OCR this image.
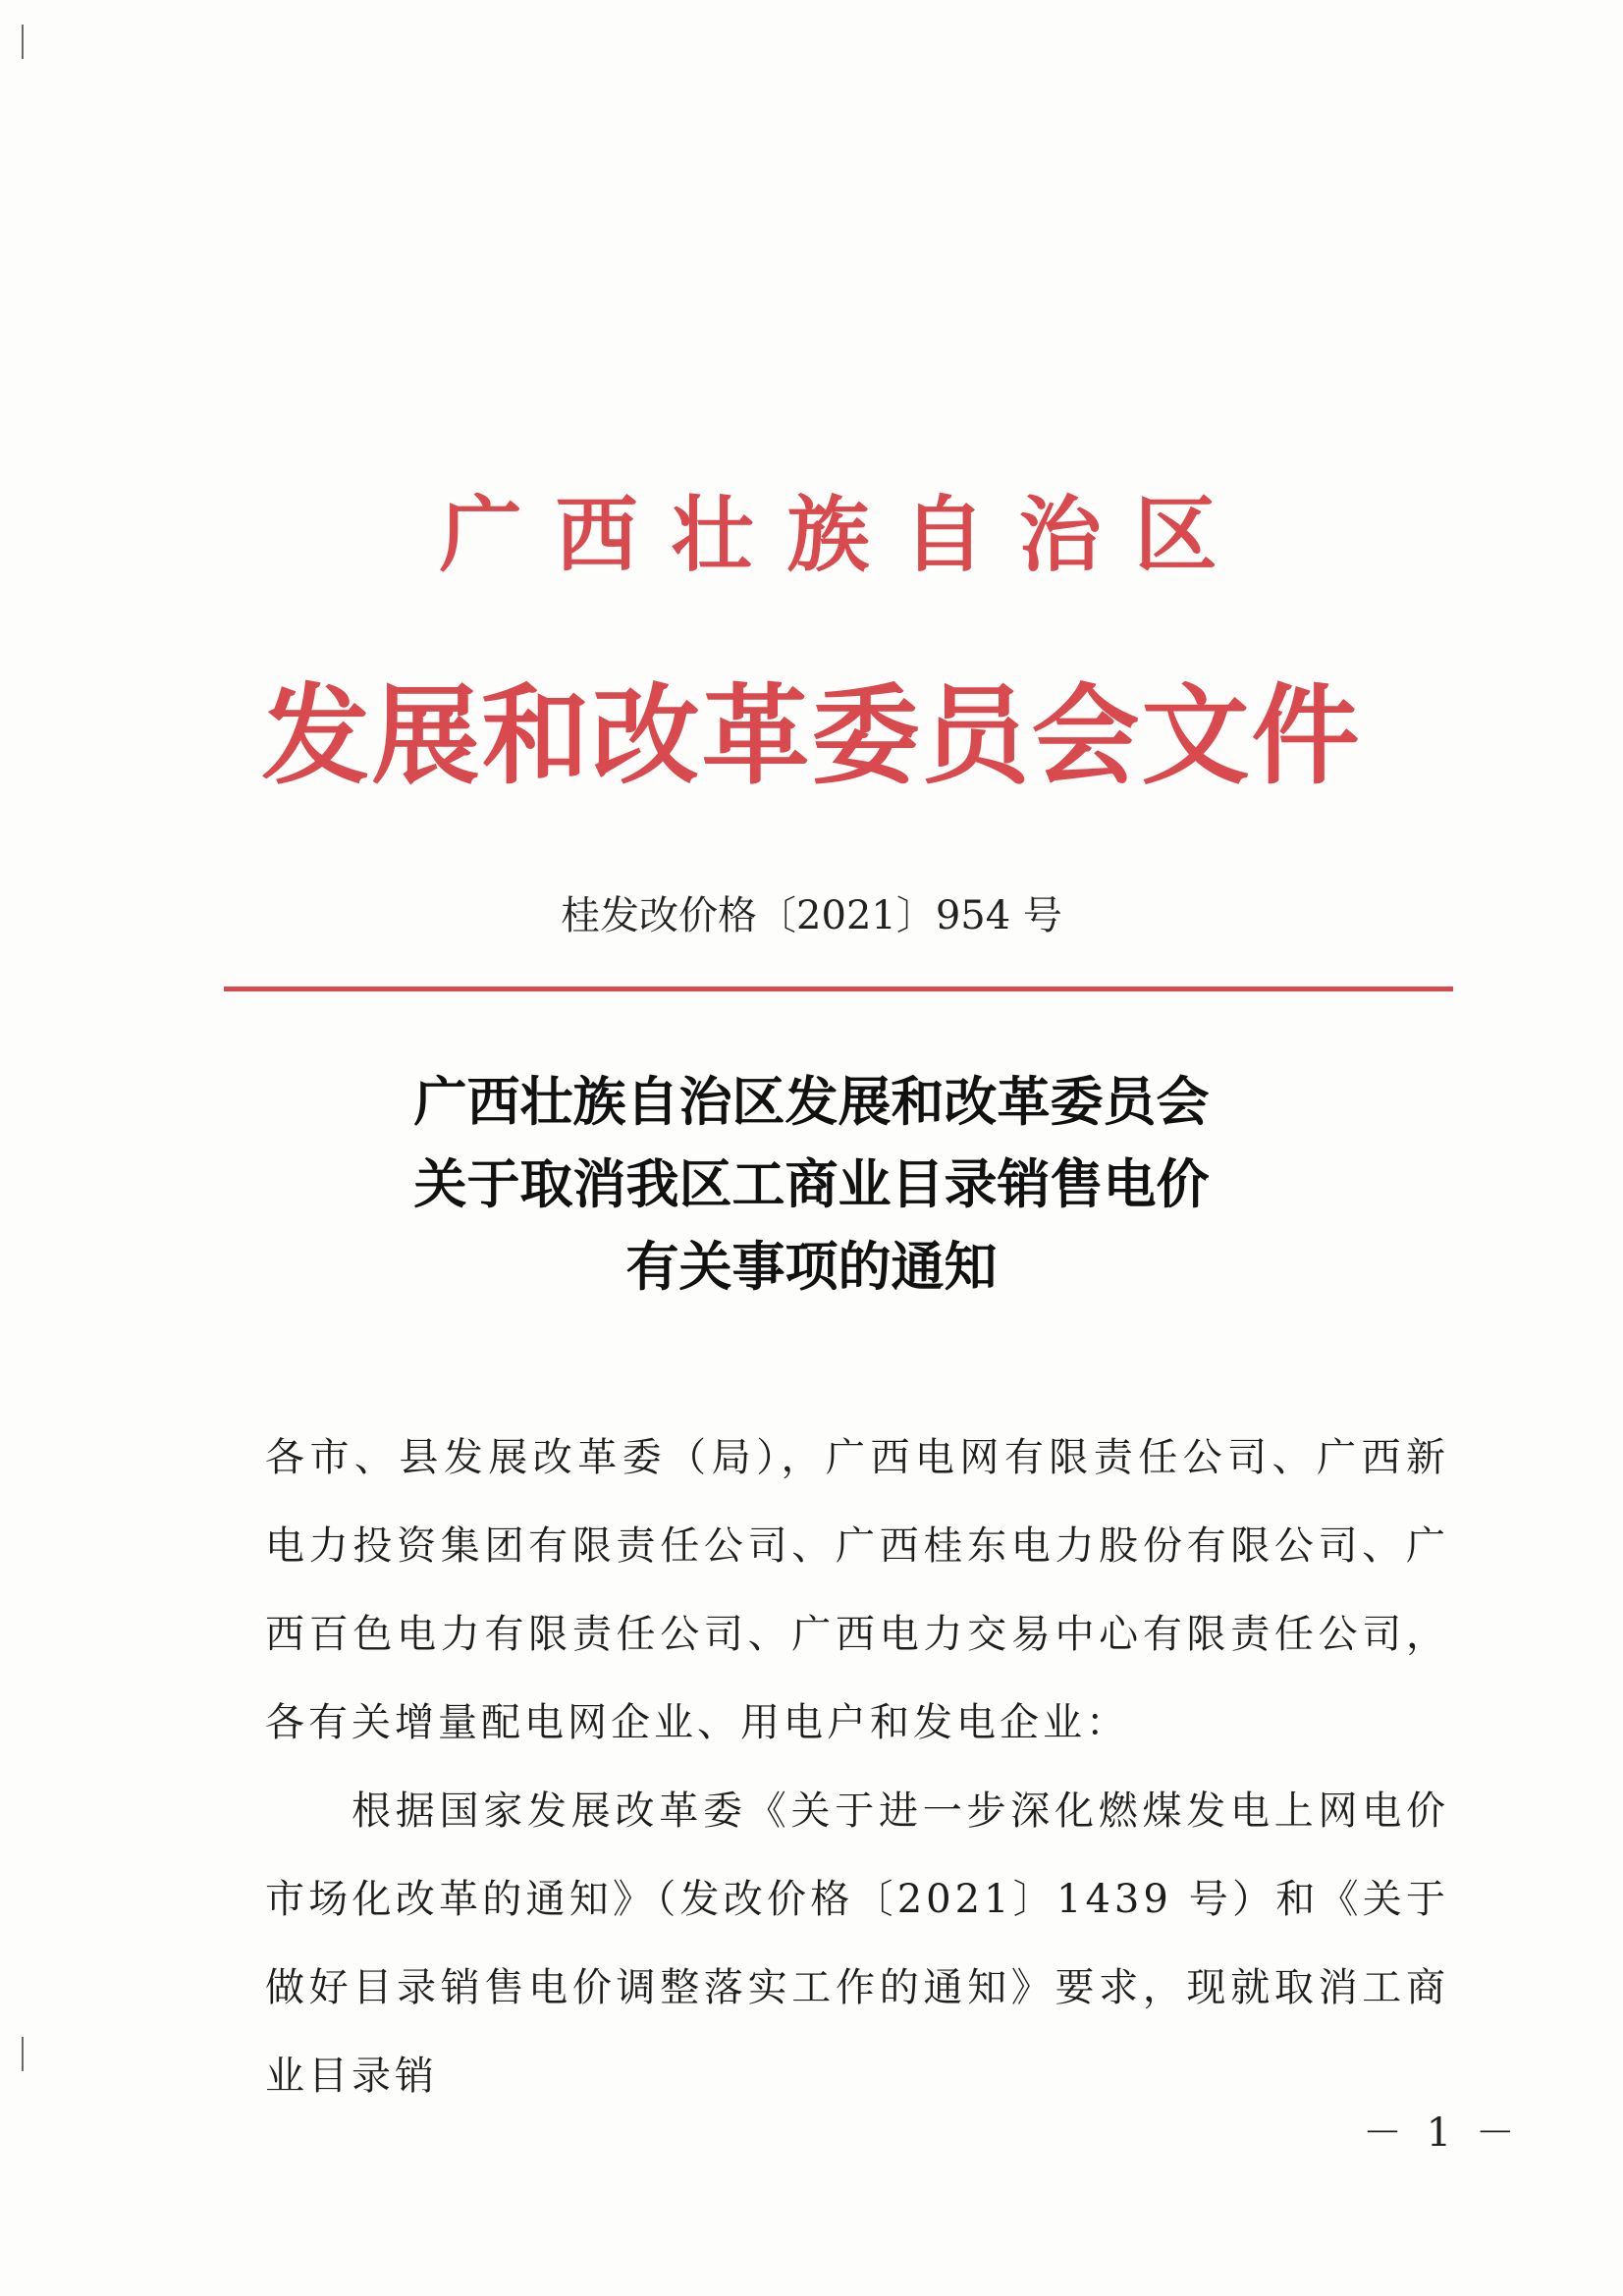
广西壮族自治区
发展和改革委员会文件
桂发改价格〔2021〕954 号
广西壮族自治区发展和改革委员会
关于取消我区工商业目录销售电价
有关事项的通知
各市、县发展改革委（局），广西电网有限责任公司、广西新电力投资集团有限责任公司、广西桂东电力股份有限公司、广西百色电力有限责任公司、广西电力交易中心有限责任公司，各有关增量配电网企业、用电户和发电企业：
根据国家发展改革委《关于进一步深化燃煤发电上网电价市场化改革的通知》（发改价格〔2021〕1439 号）和《关于做好目录销售电价调整落实工作的通知》要求，现就取消工商业目录销
－ 1 －
